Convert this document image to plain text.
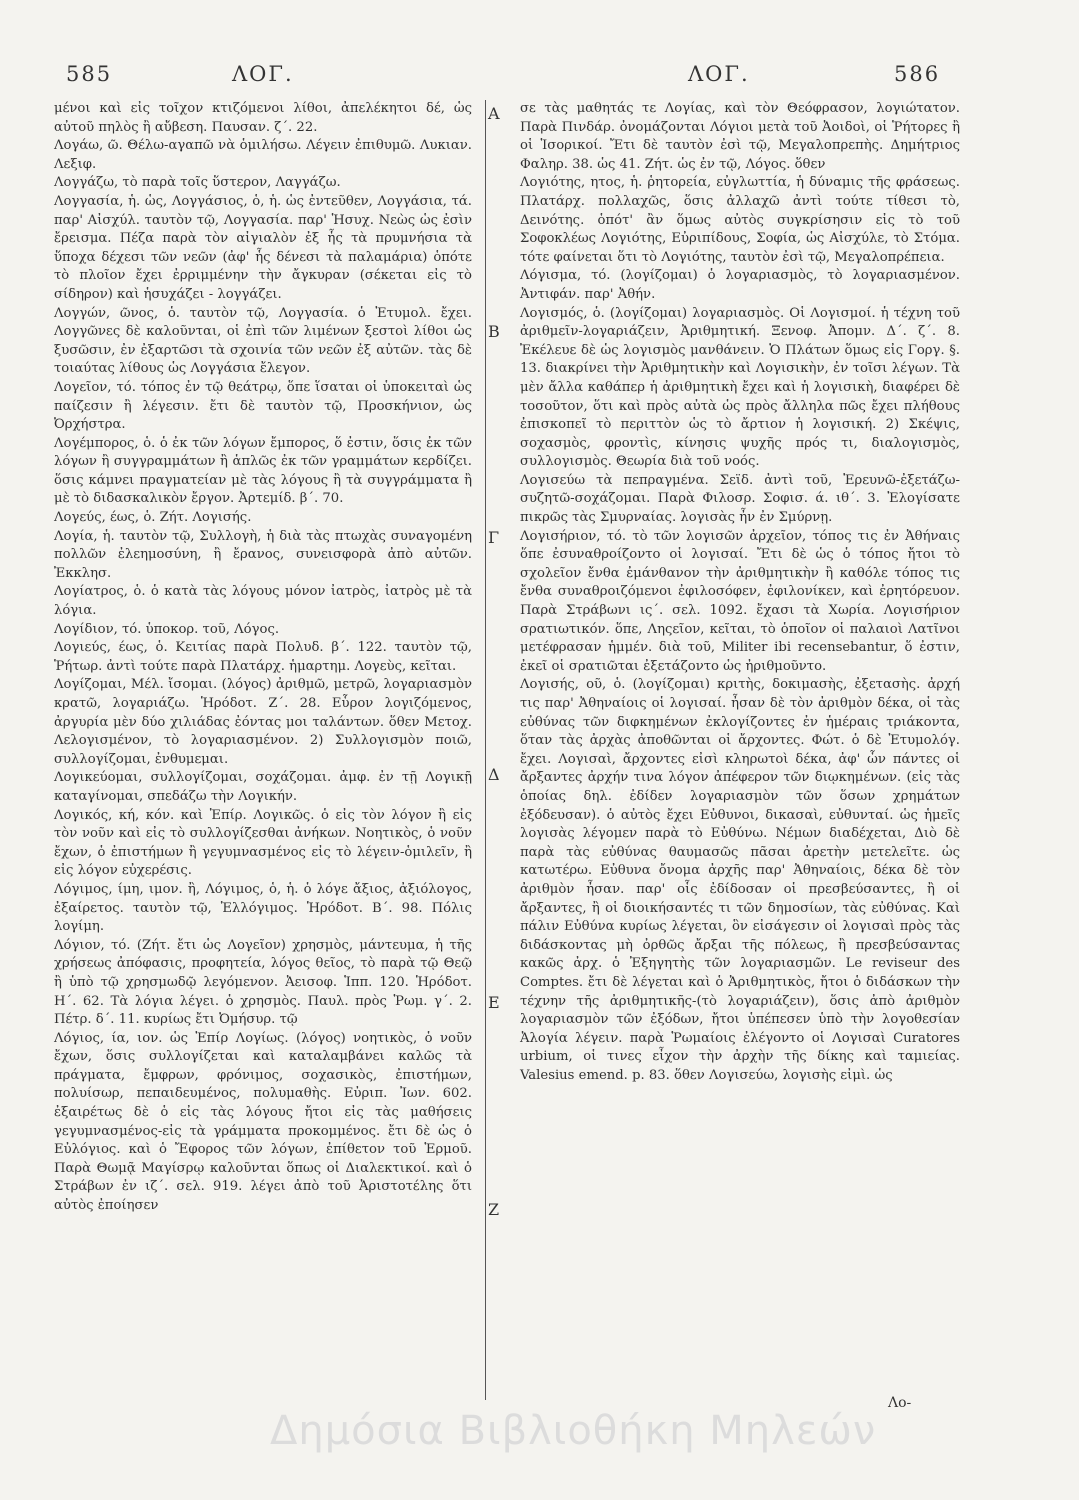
585	ΛΟΓ.	ΛΟΓ.	586

μένοι καὶ εἰς τοῖχον κτιζόμενοι λίθοι, ἀπελέκητοι δέ, ὡς αὐτοῦ πηλὸς ἢ αὔβεση. Παυσαν. ζ΄. 22.

Λογάω, ῶ. Θέλω-αγαπῶ νὰ ὁμιλήσω. Λέγειν ἐπιθυμῶ. Λυκιαν. Λεξιφ.

Λογγάζω, τὸ παρὰ τοῖς ὕστερον, Λαγγάζω.

Λογγασία, ἡ. ὡς, Λογγάσιος, ὁ, ἡ. ὡς ἐντεῦθεν, Λογγάσια, τά. παρ' Αἰσχύλ. ταυτὸν τῷ, Λογγασία. παρ' Ἡσυχ. Νεὼς ὡς ἐσὶν ἔρεισμα. Πέζα παρὰ τὸν αἰγιαλὸν ἐξ ἧς τὰ πρυμνήσια τὰ ὕποχα δέχεσι τῶν νεῶν (ἀφ' ἧς δένεσι τὰ παλαμάρια) ὁπότε τὸ πλοῖον ἔχει ἐρριμμένην τὴν ἄγκυραν (σέκεται εἰς τὸ σίδηρον) καὶ ἡσυχάζει - λογγάζει.

Λογγών, ῶνος, ὁ. ταυτὸν τῷ, Λογγασία. ὁ Ἐτυμολ. ἔχει. Λογγῶνες δὲ καλοῦνται, οἱ ἐπὶ τῶν λιμένων ξεστοὶ λίθοι ὡς ξυσῶσιν, ἐν ἐξαρτῶσι τὰ σχοινία τῶν νεῶν ἐξ αὐτῶν. τὰς δὲ τοιαύτας λίθους ὡς Λογγάσια ἔλεγον.

Λογεῖον, τό. τόπος ἐν τῷ θεάτρῳ, ὅπε ἵσαται οἱ ὑποκειταὶ ὡς παίζεσιν ἢ λέγεσιν. ἔτι δὲ ταυτὸν τῷ, Προσκήνιον, ὡς Ὀρχήστρα.

Λογέμπορος, ὁ. ὁ ἐκ τῶν λόγων ἔμπορος, ὅ ἐστιν, ὅσις ἐκ τῶν λόγων ἢ συγγραμμάτων ἢ ἁπλῶς ἐκ τῶν γραμμάτων κερδίζει. ὅσις κάμνει πραγματείαν μὲ τὰς λόγους ἢ τὰ συγγράμματα ἢ μὲ τὸ διδασκαλικὸν ἔργον. Ἀρτεμίδ. β΄. 70.

Λογεύς, έως, ὁ. Ζήτ. Λογισής.

Λογία, ἡ. ταυτὸν τῷ, Συλλογὴ, ἡ διὰ τὰς πτωχὰς συναγομένη πολλῶν ἐλεημοσύνη, ἢ ἔρανος, συνεισφορὰ ἀπὸ αὐτῶν. Ἐκκλησ.

Λογίατρος, ὁ. ὁ κατὰ τὰς λόγους μόνον ἰατρὸς, ἰατρὸς μὲ τὰ λόγια.

Λογίδιον, τό. ὑποκορ. τοῦ, Λόγος.

Λογιεύς, έως, ὁ. Κειτίας παρὰ Πολυδ. β΄. 122. ταυτὸν τῷ, Ῥήτωρ. ἀντὶ τούτε παρὰ Πλατάρχ. ἡμαρτημ. Λογεὺς, κεῖται.

Λογίζομαι, Μέλ. ἴσομαι. (λόγος) ἀριθμῶ, μετρῶ, λογαριασμὸν κρατῶ, λογαριάζω. Ἡρόδοτ. Ζ΄. 28. Εὗρον λογιζόμενος, ἀργυρία μὲν δύο χιλιάδας ἐόντας μοι ταλάντων. ὅθεν Μετοχ. Λελογισμένον, τὸ λογαριασμένον. 2) Συλλογισμὸν ποιῶ, συλλογίζομαι, ἐνθυμεμαι.

Λογικεύομαι, συλλογίζομαι, σοχάζομαι. ἀμφ. ἐν τῇ Λογικῇ καταγίνομαι, σπεδάζω τὴν Λογικήν.

Λογικός, κή, κόν. καὶ Ἐπίρ. Λογικῶς. ὁ εἰς τὸν λόγον ἢ εἰς τὸν νοῦν καὶ εἰς τὸ συλλογίζεσθαι ἀνήκων. Νοητικὸς, ὁ νοῦν ἔχων, ὁ ἐπιστήμων ἢ γεγυμνασμένος εἰς τὸ λέγειν-ὁμιλεῖν, ἢ εἰς λόγον εὐχερέσις.

Λόγιμος, ίμη, ιμον. ἢ, Λόγιμος, ὁ, ἡ. ὁ λόγε ἄξιος, ἀξιόλογος, ἐξαίρετος. ταυτὸν τῷ, Ἐλλόγιμος. Ἡρόδοτ. Β΄. 98. Πόλις λογίμη.

Λόγιον, τό. (Ζήτ. ἔτι ὡς Λογεῖον) χρησμὸς, μάντευμα, ἡ τῆς χρήσεως ἀπόφασις, προφητεία, λόγος θεῖος, τὸ παρὰ τῷ Θεῷ ἢ ὑπὸ τῷ χρησμωδῷ λεγόμενον. Ἀεισοφ. Ἱππ. 120. Ἡρόδοτ. Η΄. 62. Τὰ λόγια λέγει. ὁ χρησμὸς. Παυλ. πρὸς Ῥωμ. γ΄. 2. Πέτρ. δ΄. 11. κυρίως ἔτι Ὀμήσυρ. τῷ

Λόγιος, ία, ιον. ὡς Ἐπίρ Λογίως. (λόγος) νοητικὸς, ὁ νοῦν ἔχων, ὅσις συλλογίζεται καὶ καταλαμβάνει καλῶς τὰ πράγματα, ἔμφρων, φρόνιμος, σοχασικὸς, ἐπιστήμων, πολυίσωρ, πεπαιδευμένος, πολυμαθὴς. Εὐριπ. Ἰων. 602. ἐξαιρέτως δὲ ὁ εἰς τὰς λόγους ἤτοι εἰς τὰς μαθήσεις γεγυμνασμένος-εἰς τὰ γράμματα προκομμένος. ἔτι δὲ ὡς ὁ Εὐλόγιος. καὶ ὁ Ἔφορος τῶν λόγων, ἐπίθετον τοῦ Ἑρμοῦ. Παρὰ Θωμᾷ Μαγίσρῳ καλοῦνται ὅπως οἱ Διαλεκτικοί. καὶ ὁ Στράβων ἐν ιζ΄. σελ. 919. λέγει ἀπὸ τοῦ Ἀριστοτέλης ὅτι αὐτὸς ἐποίησεν

Α
Β
Γ
Δ
Ε
Ζ

σε τὰς μαθητάς τε Λογίας, καὶ τὸν Θεόφρασον, λογιώτατον. Παρὰ Πινδάρ. ὀνομάζονται Λόγιοι μετὰ τοῦ Ἀοιδοὶ, οἱ Ῥήτορες ἢ οἱ Ἱσορικοί. Ἔτι δὲ ταυτὸν ἐσὶ τῷ, Μεγαλοπρεπὴς. Δημήτριος Φαληρ. 38. ὡς 41. Ζήτ. ὡς ἐν τῷ, Λόγος. ὅθεν

Λογιότης, ητος, ἡ. ῥητορεία, εὐγλωττία, ἡ δύναμις τῆς φράσεως. Πλατάρχ. πολλαχῶς, ὅσις ἀλλαχῶ ἀντὶ τούτε τίθεσι τὸ, Δεινότης. ὁπότ' ἂν ὅμως αὐτὸς συγκρίσησιν εἰς τὸ τοῦ Σοφοκλέως Λογιότης, Εὐριπίδους, Σοφία, ὡς Αἰσχύλε, τὸ Στόμα. τότε φαίνεται ὅτι τὸ Λογιότης, ταυτὸν ἐσὶ τῷ, Μεγαλοπρέπεια.

Λόγισμα, τό. (λογίζομαι) ὁ λογαριασμὸς, τὸ λογαριασμένον. Ἀντιφάν. παρ' Ἀθήν.

Λογισμός, ὁ. (λογίζομαι) λογαριασμὸς. Οἱ Λογισμοί. ἡ τέχνη τοῦ ἀριθμεῖν-λογαριάζειν, Ἀριθμητική. Ξενοφ. Ἀπομν. Δ΄. ζ΄. 8. Ἐκέλευε δὲ ὡς λογισμὸς μανθάνειν. Ὁ Πλάτων ὅμως εἰς Γοργ. §. 13. διακρίνει τὴν Ἀριθμητικὴν καὶ Λογισικὴν, ἐν τοῖσι λέγων. Τὰ μὲν ἄλλα καθάπερ ἡ ἀριθμητικὴ ἔχει καὶ ἡ λογισικὴ, διαφέρει δὲ τοσοῦτον, ὅτι καὶ πρὸς αὐτὰ ὡς πρὸς ἄλληλα πῶς ἔχει πλήθους ἐπισκοπεῖ τὸ περιττὸν ὡς τὸ ἄρτιον ἡ λογισική. 2) Σκέψις, σοχασμὸς, φροντὶς, κίνησις ψυχῆς πρός τι, διαλογισμὸς, συλλογισμὸς. Θεωρία διὰ τοῦ νοός.

Λογισεύω τὰ πεπραγμένα. Σεϊδ. ἀντὶ τοῦ, Ἐρευνῶ-ἐξετάζω-συζητῶ-σοχάζομαι. Παρὰ Φιλοσρ. Σοφισ. ά. ιθ΄. 3. Ἐλογίσατε πικρῶς τὰς Σμυρναίας. λογισὰς ἦν ἐν Σμύρνῃ.

Λογισήριον, τό. τὸ τῶν λογισῶν ἀρχεῖον, τόπος τις ἐν Ἀθήναις ὅπε ἐσυναθροίζοντο οἱ λογισαί. Ἔτι δὲ ὡς ὁ τόπος ἤτοι τὸ σχολεῖον ἔνθα ἐμάνθανον τὴν ἀριθμητικὴν ἢ καθόλε τόπος τις ἔνθα συναθροιζόμενοι ἐφιλοσόφεν, ἐφιλονίκεν, καὶ ἐρητόρευον. Παρὰ Στράβωνι ις΄. σελ. 1092. ἔχασι τὰ Χωρία. Λογισήριον σρατιωτικόν. ὅπε, Ληςεῖον, κεῖται, τὸ ὁποῖον οἱ παλαιοὶ Λατῖνοι μετέφρασαν ἡμμέν. διὰ τοῦ, Militer ibi recensebantur, ὅ ἐστιν, ἐκεῖ οἱ σρατιῶται ἐξετάζοντο ὡς ἠριθμοῦντο.

Λογισής, οῦ, ὁ. (λογίζομαι) κριτὴς, δοκιμασὴς, ἐξετασὴς. ἀρχή τις παρ' Ἀθηναίοις οἱ λογισαί. ἦσαν δὲ τὸν ἀριθμὸν δέκα, οἱ τὰς εὐθύνας τῶν διφκημένων ἐκλογίζοντες ἐν ἡμέραις τριάκοντα, ὅταν τὰς ἀρχὰς ἀποθῶνται οἱ ἄρχοντες. Φώτ. ὁ δὲ Ἐτυμολόγ. ἔχει. Λογισαὶ, ἄρχοντες εἰσὶ κληρωτοὶ δέκα, ἀφ' ὧν πάντες οἱ ἄρξαντες ἀρχήν τινα λόγον ἀπέφερον τῶν διῳκημένων. (εἰς τὰς ὁποίας δηλ. ἐδίδεν λογαριασμὸν τῶν ὅσων χρημάτων ἐξόδευσαν). ὁ αὐτὸς ἔχει Εὐθυνοι, δικασαὶ, εὐθυνταί. ὡς ἡμεῖς λογισὰς λέγομεν παρὰ τὸ Εὐθύνω. Νέμων διαδέχεται, Διὸ δὲ παρὰ τὰς εὐθύνας θαυμασῶς πᾶσαι ἀρετὴν μετελεῖτε. ὡς κατωτέρω. Εὐθυνα ὄνομα ἀρχῆς παρ' Ἀθηναίοις, δέκα δὲ τὸν ἀριθμὸν ἦσαν. παρ' οἷς ἐδίδοσαν οἱ πρεσβεύσαντες, ἢ οἱ ἄρξαντες, ἢ οἱ διοικήσαντές τι τῶν δημοσίων, τὰς εὐθύνας. Καὶ πάλιν Εὐθύνα κυρίως λέγεται, ὃν εἰσάγεσιν οἱ λογισαὶ πρὸς τὰς διδάσκοντας μὴ ὀρθῶς ἄρξαι τῆς πόλεως, ἢ πρεσβεύσαντας κακῶς ἀρχ. ὁ Ἐξηγητὴς τῶν λογαριασμῶν. Le reviseur des Comptes. ἔτι δὲ λέγεται καὶ ὁ Ἀριθμητικὸς, ἤτοι ὁ διδάσκων τὴν τέχνην τῆς ἀριθμητικῆς-(τὸ λογαριάζειν), ὅσις ἀπὸ ἀριθμὸν λογαριασμὸν τῶν ἐξόδων, ἤτοι ὑπέπεσεν ὑπὸ τὴν λογοθεσίαν Ἀλογία λέγειν. παρὰ Ῥωμαίοις ἐλέγοντο οἱ Λογισαὶ Curatores urbium, οἱ τινες εἶχον τὴν ἀρχὴν τῆς δίκης καὶ ταμιείας. Valesius emend. p. 83. ὅθεν Λογισεύω, λογισὴς εἰμὶ. ὡς

Λο-
Δημόσια Βιβλιοθήκη Μηλεών
